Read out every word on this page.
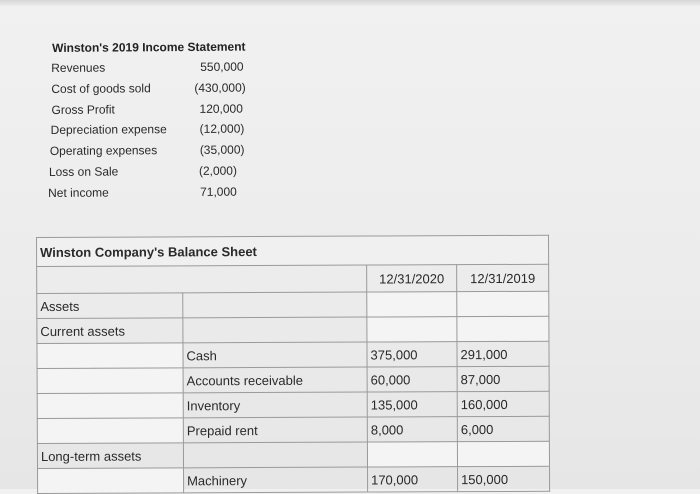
Winston's 2019 Income Statement
Revenues	550,000
Cost of goods sold	(430,000)
Gross Profit	120,000
Depreciation expense	(12,000)
Operating expenses	(35,000)
Loss on Sale	(2,000)
Net income	71,000
Winston Company's Balance Sheet			
		12/31/2020	12/31/2019
Assets			
Current assets			
	Cash	375,000	291,000
	Accounts receivable	60,000	87,000
	Inventory	135,000	160,000
	Prepaid rent	8,000	6,000
Long-term assets			
	Machinery	170,000	150,000
